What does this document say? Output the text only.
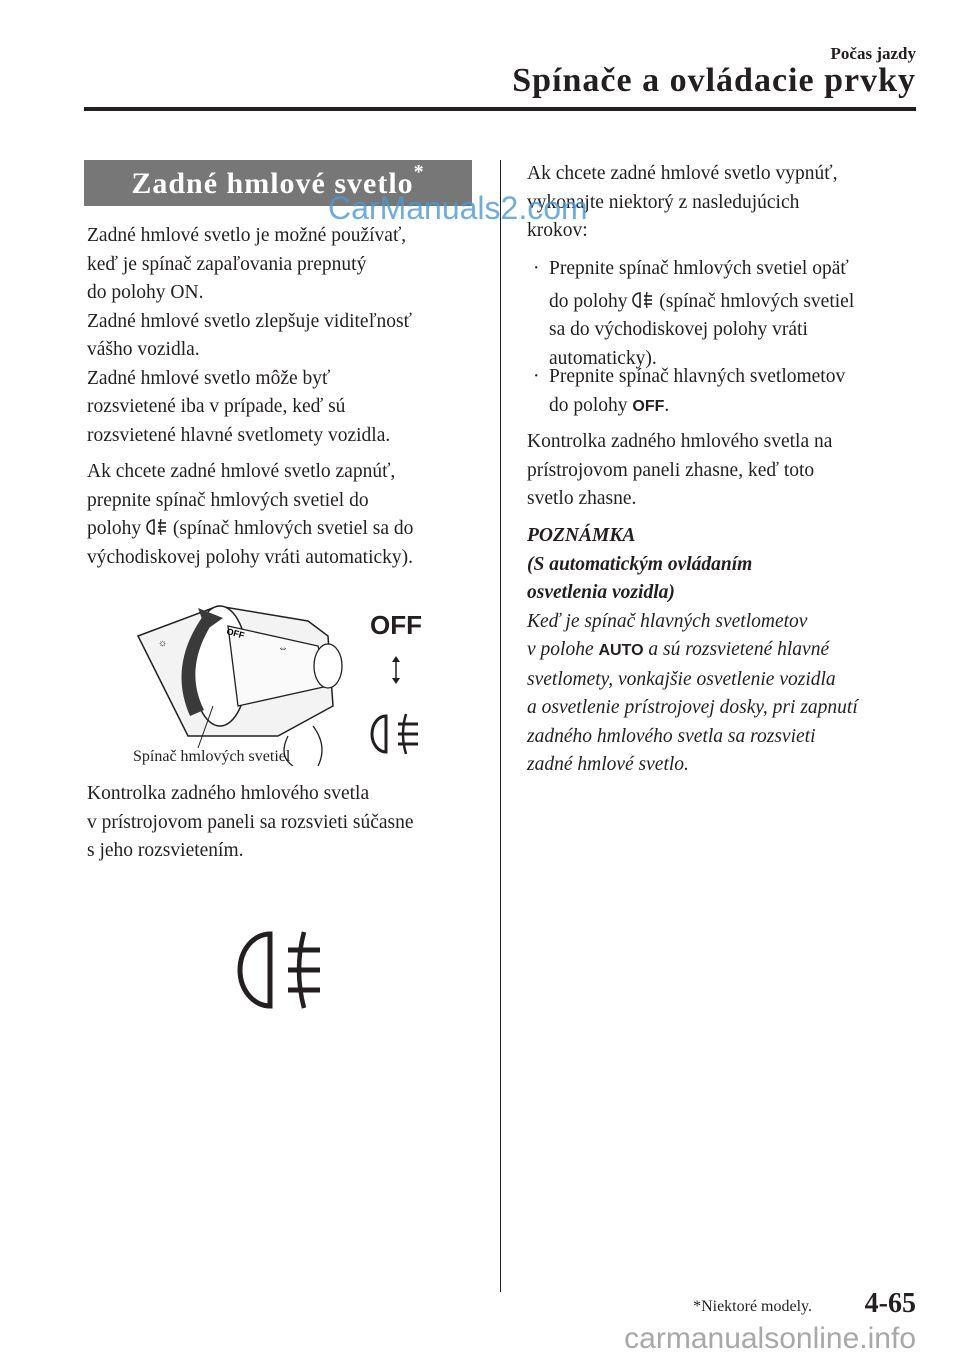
Počas jazdy
Spínače a ovládacie prvky
Zadné hmlové svetlo*
Zadné hmlové svetlo je možné používať,
keď je spínač zapaľovania prepnutý
do polohy ON.
Zadné hmlové svetlo zlepšuje viditeľnosť
vášho vozidla.
Zadné hmlové svetlo môže byť
rozsvietené iba v prípade, keď sú
rozsvietené hlavné svetlomety vozidla.
Ak chcete zadné hmlové svetlo zapnúť,
prepnite spínač hmlových svetiel do
polohy (spínač hmlových svetiel sa do
východiskovej polohy vráti automaticky).
OFF
☼	⇔
OFF
Spínač hmlových svetiel
Kontrolka zadného hmlového svetla
v prístrojovom paneli sa rozsvieti súčasne
s jeho rozsvietením.
Ak chcete zadné hmlové svetlo vypnúť,
vykonajte niektorý z nasledujúcich
krokov:
· Prepnite spínač hmlových svetiel opäť
do polohy (spínač hmlových svetiel
sa do východiskovej polohy vráti
automaticky).
· Prepnite spínač hlavných svetlometov
do polohy OFF.
Kontrolka zadného hmlového svetla na
prístrojovom paneli zhasne, keď toto
svetlo zhasne.
POZNÁMKA
(S automatickým ovládaním
osvetlenia vozidla)
Keď je spínač hlavných svetlometov
v polohe AUTO a sú rozsvietené hlavné
svetlomety, vonkajšie osvetlenie vozidla
a osvetlenie prístrojovej dosky, pri zapnutí
zadného hmlového svetla sa rozsvieti
zadné hmlové svetlo.
*Niektoré modely. 4-65
CarManuals2.com
carmanualsonline.info
